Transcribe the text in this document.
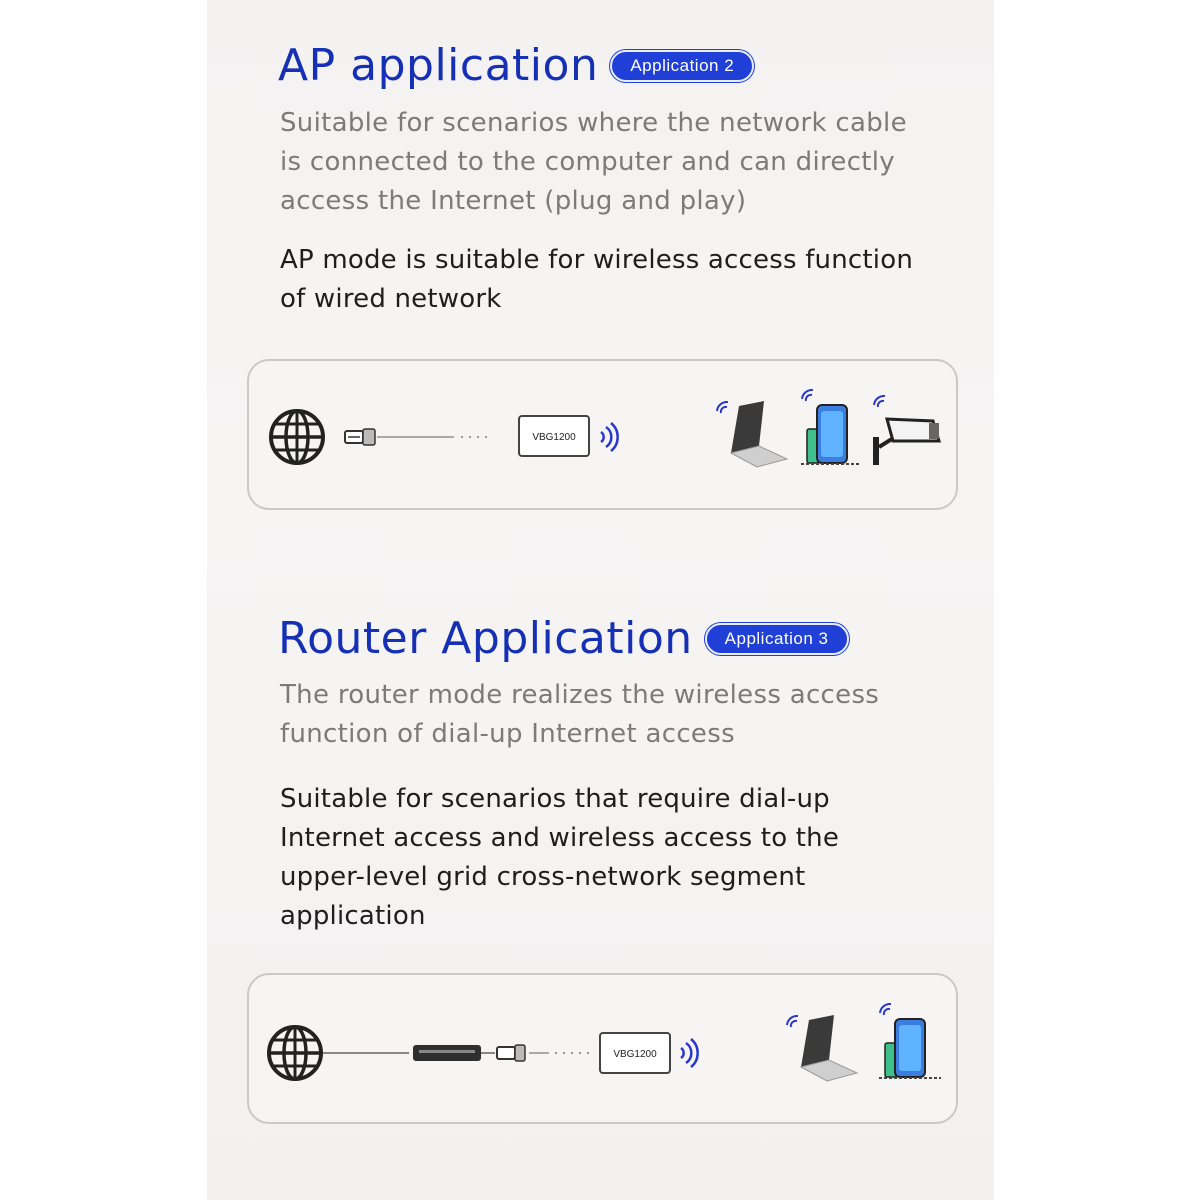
AP application	Application 2
Suitable for scenarios where the network cable
is connected to the computer and can directly
access the Internet (plug and play)
AP mode is suitable for wireless access function
of wired network
VBG1200
Router Application	Application 3
The router mode realizes the wireless access
function of dial-up Internet access
Suitable for scenarios that require dial-up
Internet access and wireless access to the
upper-level grid cross-network segment
application
VBG1200
